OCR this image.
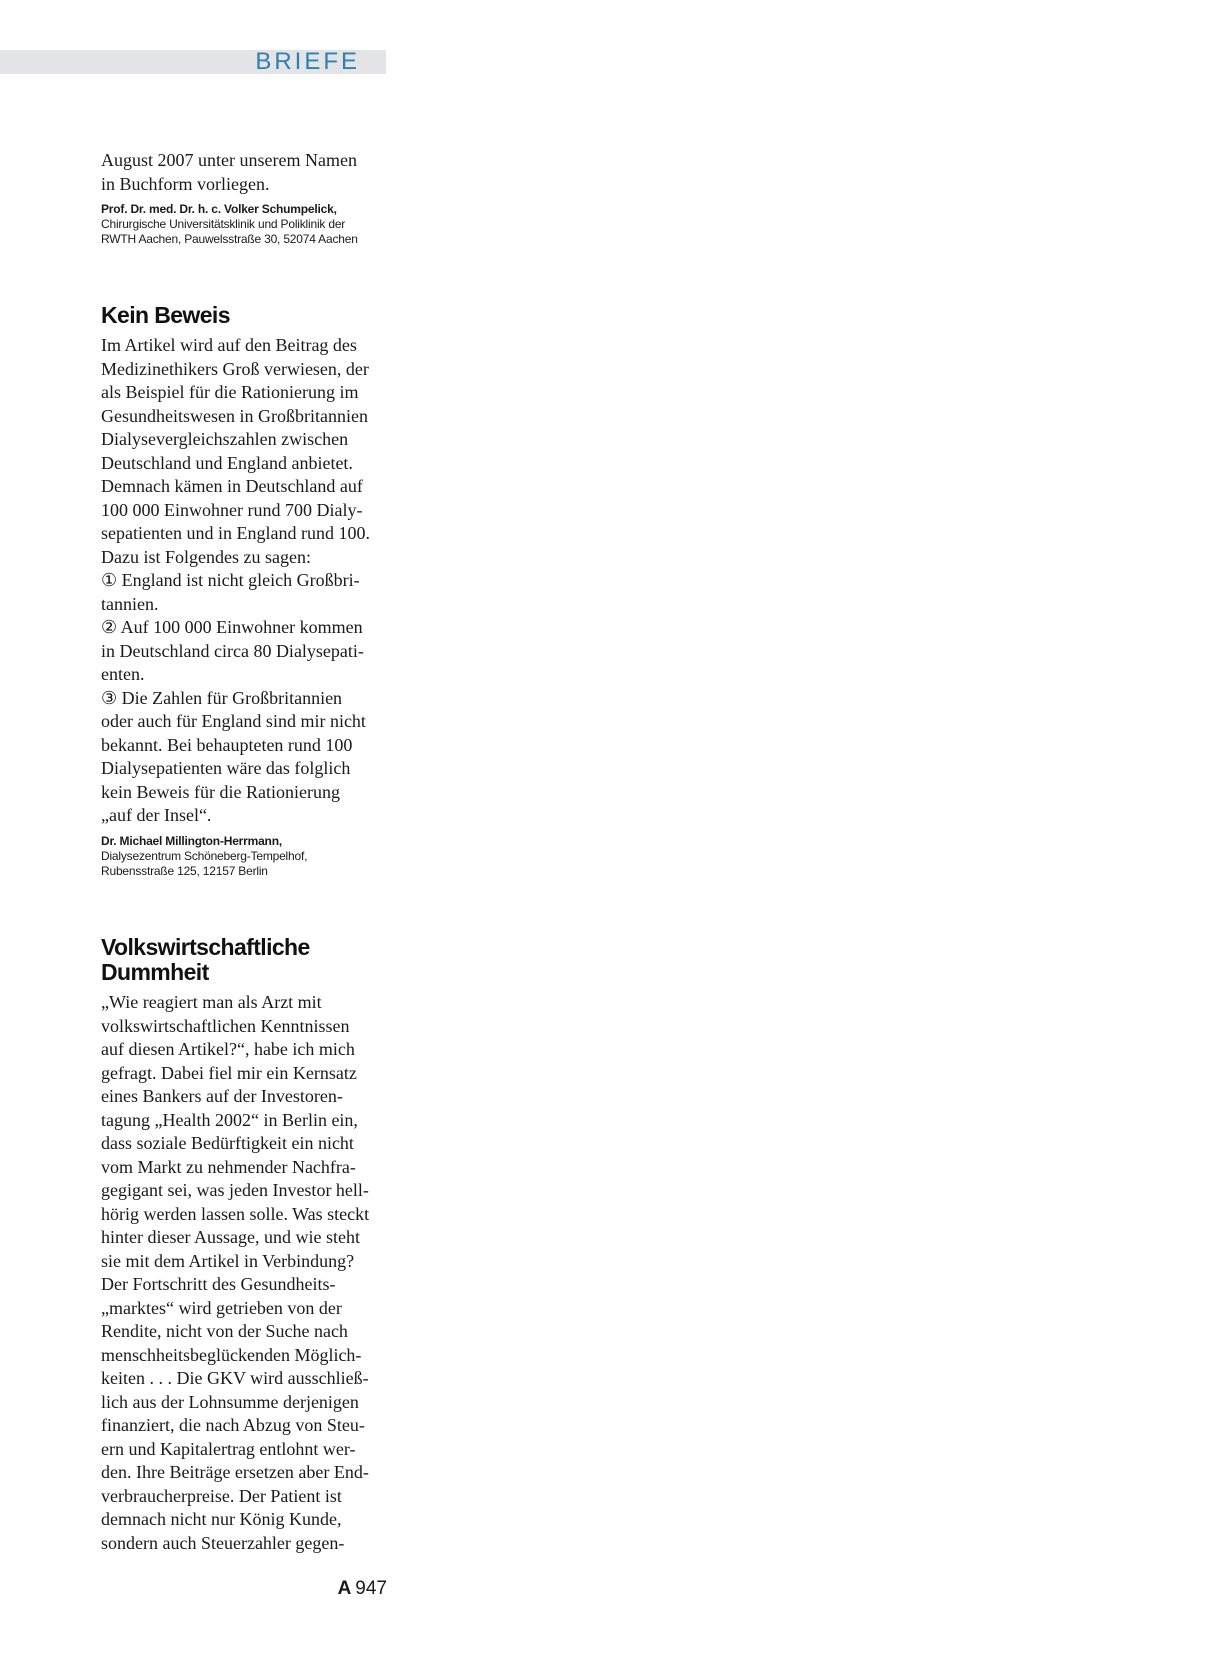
BRIEFE

August 2007 unter unserem Namen
in Buchform vorliegen.

Prof. Dr. med. Dr. h. c. Volker Schumpelick,
Chirurgische Universitätsklinik und Poliklinik der
RWTH Aachen, Pauwelsstraße 30, 52074 Aachen
Kein Beweis

Im Artikel wird auf den Beitrag des
Medizinethikers Groß verwiesen, der
als Beispiel für die Rationierung im
Gesundheitswesen in Großbritannien
Dialysevergleichszahlen zwischen
Deutschland und England anbietet.
Demnach kämen in Deutschland auf
100 000 Einwohner rund 700 Dialy-
sepatienten und in England rund 100.
Dazu ist Folgendes zu sagen:
① England ist nicht gleich Großbri-
tannien.
② Auf 100 000 Einwohner kommen
in Deutschland circa 80 Dialysepati-
enten.
③ Die Zahlen für Großbritannien
oder auch für England sind mir nicht
bekannt. Bei behaupteten rund 100
Dialysepatienten wäre das folglich
kein Beweis für die Rationierung
„auf der Insel“.

Dr. Michael Millington-Herrmann,
Dialysezentrum Schöneberg-Tempelhof,
Rubensstraße 125, 12157 Berlin
Volkswirtschaftliche
Dummheit

„Wie reagiert man als Arzt mit
volkswirtschaftlichen Kenntnissen
auf diesen Artikel?“, habe ich mich
gefragt. Dabei fiel mir ein Kernsatz
eines Bankers auf der Investoren-
tagung „Health 2002“ in Berlin ein,
dass soziale Bedürftigkeit ein nicht
vom Markt zu nehmender Nachfra-
gegigant sei, was jeden Investor hell-
hörig werden lassen solle. Was steckt
hinter dieser Aussage, und wie steht
sie mit dem Artikel in Verbindung?
Der Fortschritt des Gesundheits-
„marktes“ wird getrieben von der
Rendite, nicht von der Suche nach
menschheitsbeglückenden Möglich-
keiten . . . Die GKV wird ausschließ-
lich aus der Lohnsumme derjenigen
finanziert, die nach Abzug von Steu-
ern und Kapitalertrag entlohnt wer-
den. Ihre Beiträge ersetzen aber End-
verbraucherpreise. Der Patient ist
demnach nicht nur König Kunde,
sondern auch Steuerzahler gegen-

A 947
